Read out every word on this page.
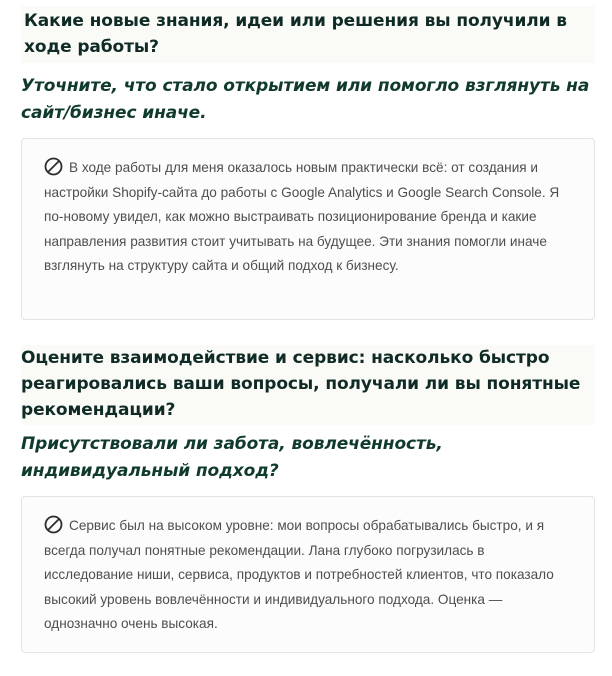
Какие новые знания, идеи или решения вы получили в ходе работы?

Уточните, что стало открытием или помогло взглянуть на сайт/бизнес иначе.

В ходе работы для меня оказалось новым практически всё: от создания и настройки Shopify-сайта до работы с Google Analytics и Google Search Console. Я по-новому увидел, как можно выстраивать позиционирование бренда и какие направления развития стоит учитывать на будущее. Эти знания помогли иначе взглянуть на структуру сайта и общий подход к бизнесу.
Оцените взаимодействие и сервис: насколько быстро реагировались ваши вопросы, получали ли вы понятные рекомендации?

Присутствовали ли забота, вовлечённость, индивидуальный подход?

Сервис был на высоком уровне: мои вопросы обрабатывались быстро, и я всегда получал понятные рекомендации. Лана глубоко погрузилась в исследование ниши, сервиса, продуктов и потребностей клиентов, что показало высокий уровень вовлечённости и индивидуального подхода. Оценка — однозначно очень высокая.
